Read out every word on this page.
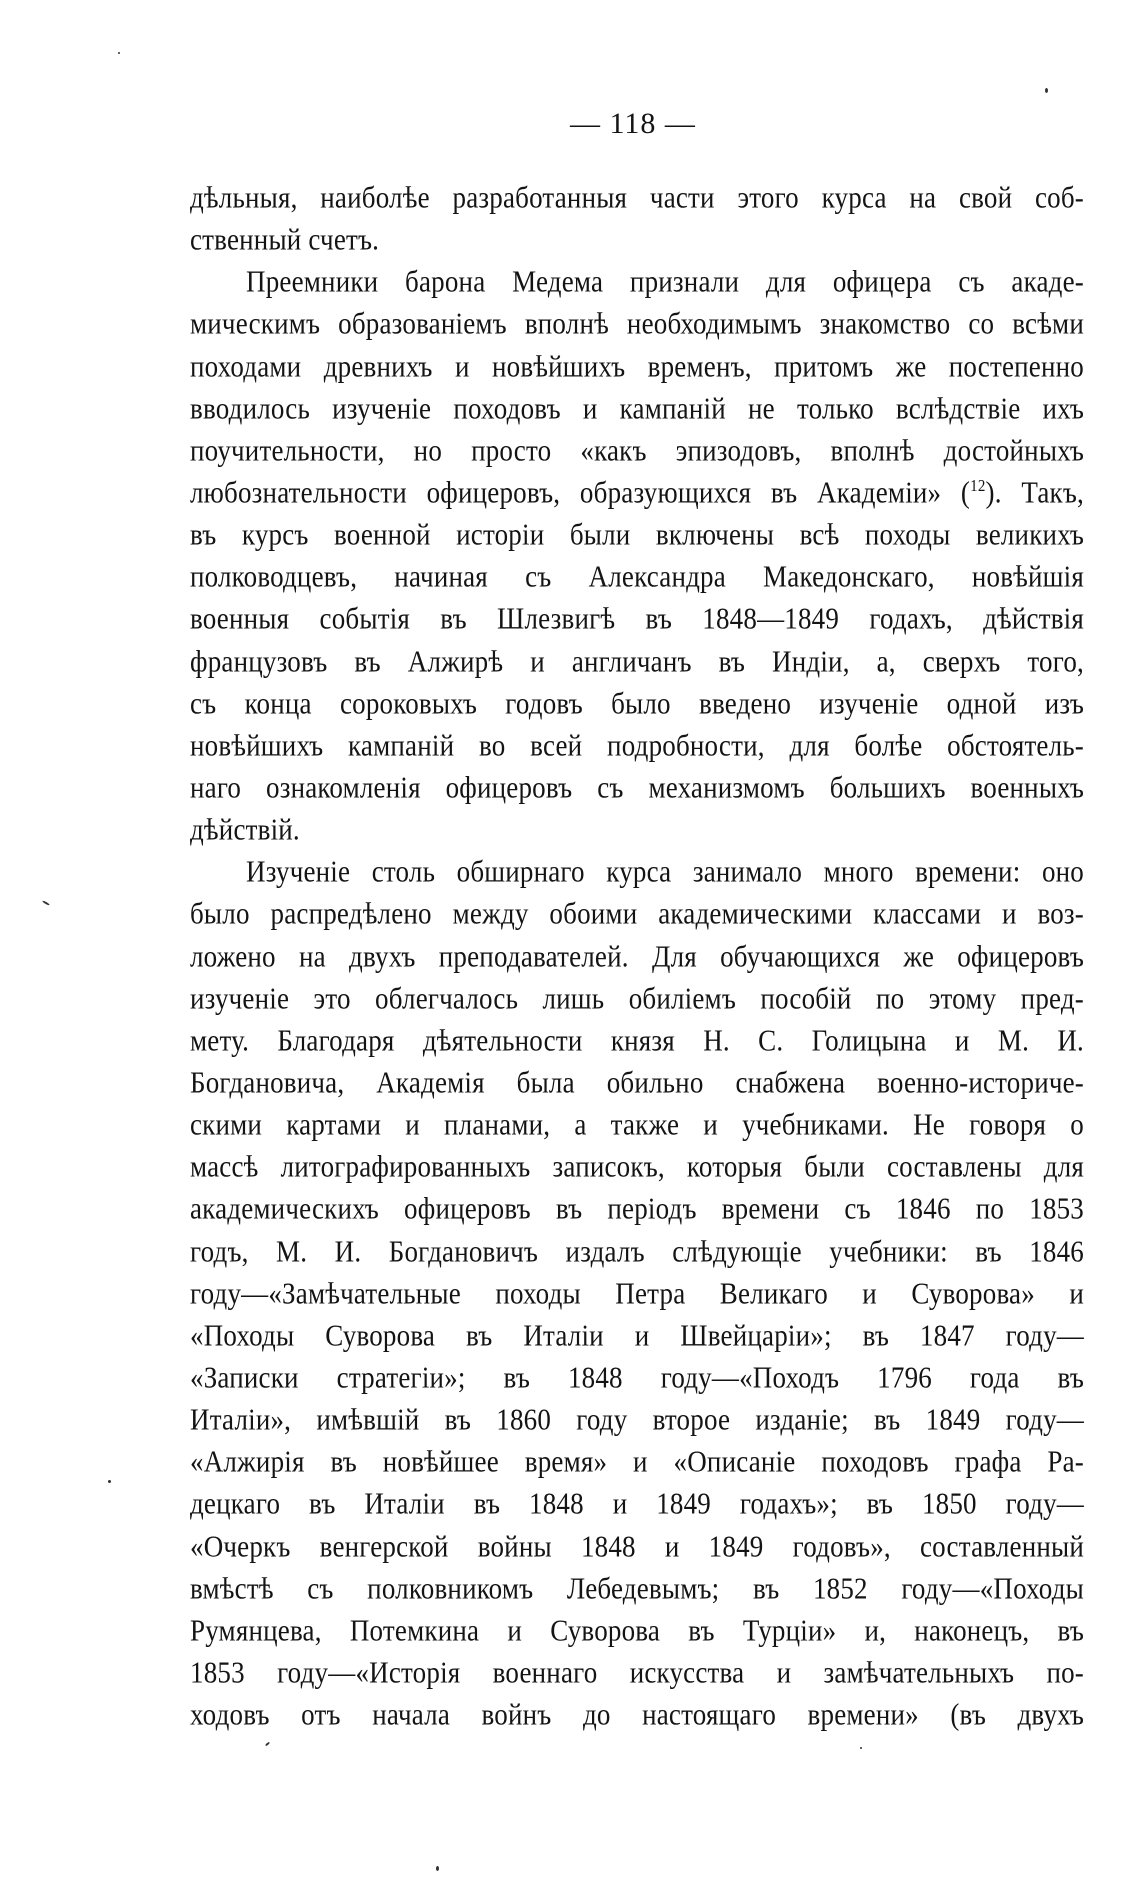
— 118 —
дѣльныя, наиболѣе разработанныя части этого курса на свой соб-
ственный счетъ.
Преемники барона Медема признали для офицера съ акаде-
мическимъ образованіемъ вполнѣ необходимымъ знакомство со всѣми
походами древнихъ и новѣйшихъ временъ, притомъ же постепенно
вводилось изученіе походовъ и кампаній не только вслѣдствіе ихъ
поучительности, но просто «какъ эпизодовъ, вполнѣ достойныхъ
любознательности офицеровъ, образующихся въ Академіи» ($^{12}$). Такъ,
въ курсъ военной исторіи были включены всѣ походы великихъ
полководцевъ, начиная съ Александра Македонскаго, новѣйшія
военныя событія въ Шлезвигѣ въ 1848—1849 годахъ, дѣйствія
французовъ въ Алжирѣ и англичанъ въ Индіи, а, сверхъ того,
съ конца сороковыхъ годовъ было введено изученіе одной изъ
новѣйшихъ кампаній во всей подробности, для болѣе обстоятель-
наго ознакомленія офицеровъ съ механизмомъ большихъ военныхъ
дѣйствій.
Изученіе столь обширнаго курса занимало много времени: оно
было распредѣлено между обоими академическими классами и воз-
ложено на двухъ преподавателей. Для обучающихся же офицеровъ
изученіе это облегчалось лишь обиліемъ пособій по этому пред-
мету. Благодаря дѣятельности князя Н. С. Голицына и М. И.
Богдановича, Академія была обильно снабжена военно-историче-
скими картами и планами, а также и учебниками. Не говоря о
массѣ литографированныхъ записокъ, которыя были составлены для
академическихъ офицеровъ въ періодъ времени съ 1846 по 1853
годъ, М. И. Богдановичъ издалъ слѣдующіе учебники: въ 1846
году—«Замѣчательные походы Петра Великаго и Суворова» и
«Походы Суворова въ Италіи и Швейцаріи»; въ 1847 году—
«Записки стратегіи»; въ 1848 году—«Походъ 1796 года въ
Италіи», имѣвшій въ 1860 году второе изданіе; въ 1849 году—
«Алжирія въ новѣйшее время» и «Описаніе походовъ графа Ра-
децкаго въ Италіи въ 1848 и 1849 годахъ»; въ 1850 году—
«Очеркъ венгерской войны 1848 и 1849 годовъ», составленный
вмѣстѣ съ полковникомъ Лебедевымъ; въ 1852 году—«Походы
Румянцева, Потемкина и Суворова въ Турціи» и, наконецъ, въ
1853 году—«Исторія военнаго искусства и замѣчательныхъ по-
ходовъ отъ начала войнъ до настоящаго времени» (въ двухъ
